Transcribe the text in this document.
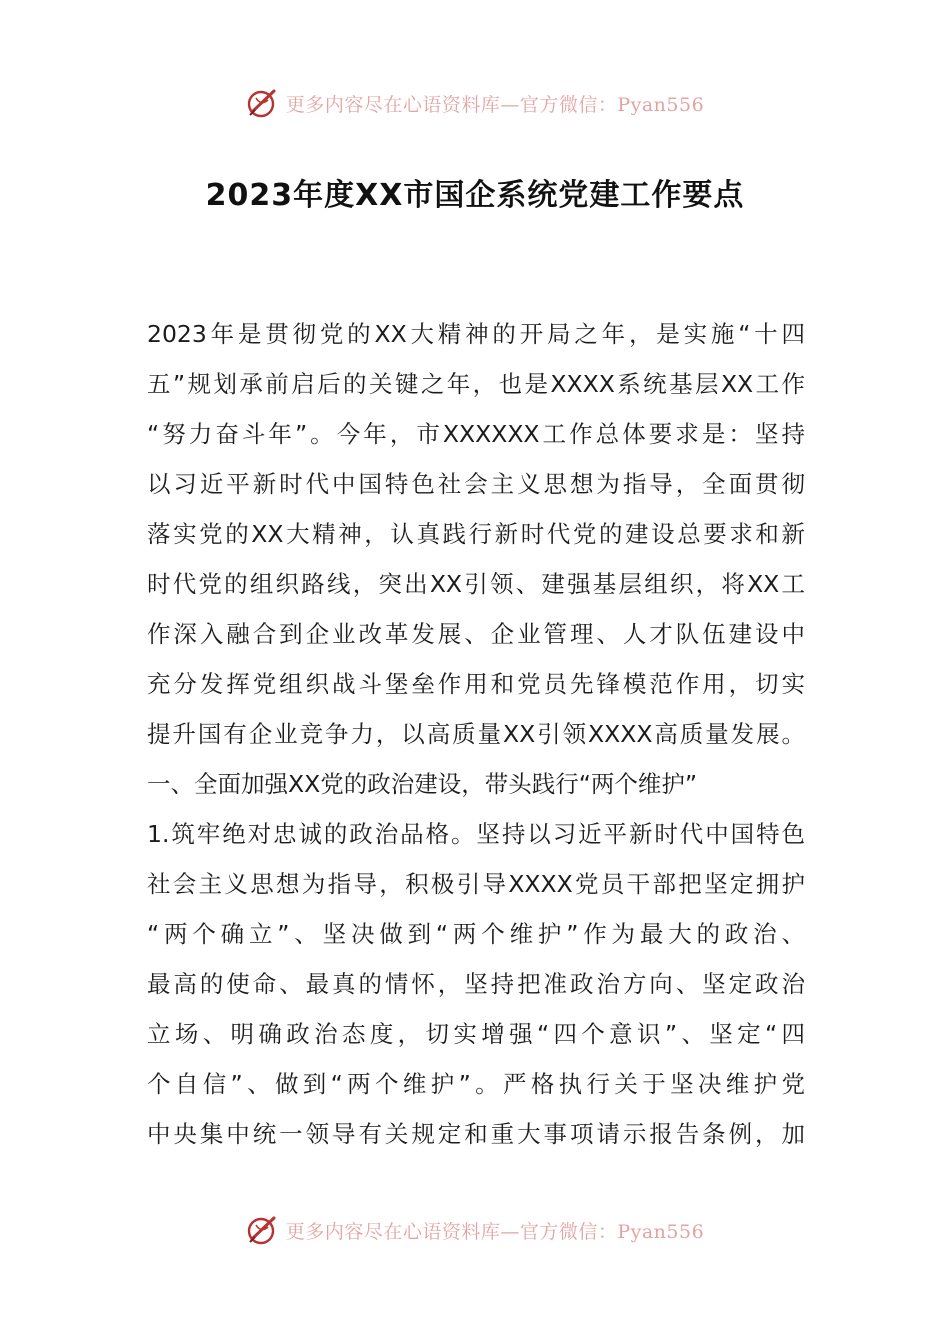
更多内容尽在心语资料库—官方微信：Pyan556
2023年度XX市国企系统党建工作要点
2023年是贯彻党的XX大精神的开局之年，是实施“十四
五”规划承前启后的关键之年，也是XXXX系统基层XX工作
“努力奋斗年”。今年，市XXXXXX工作总体要求是：坚持
以习近平新时代中国特色社会主义思想为指导，全面贯彻
落实党的XX大精神，认真践行新时代党的建设总要求和新
时代党的组织路线，突出XX引领、建强基层组织，将XX工
作深入融合到企业改革发展、企业管理、人才队伍建设中
充分发挥党组织战斗堡垒作用和党员先锋模范作用，切实
提升国有企业竞争力，以高质量XX引领XXXX高质量发展。
一、全面加强XX党的政治建设，带头践行“两个维护”
1.筑牢绝对忠诚的政治品格。坚持以习近平新时代中国特色
社会主义思想为指导，积极引导XXXX党员干部把坚定拥护
“两个确立”、坚决做到“两个维护”作为最大的政治、
最高的使命、最真的情怀，坚持把准政治方向、坚定政治
立场、明确政治态度，切实增强“四个意识”、坚定“四
个自信”、做到“两个维护”。严格执行关于坚决维护党
中央集中统一领导有关规定和重大事项请示报告条例，加
更多内容尽在心语资料库—官方微信：Pyan556
